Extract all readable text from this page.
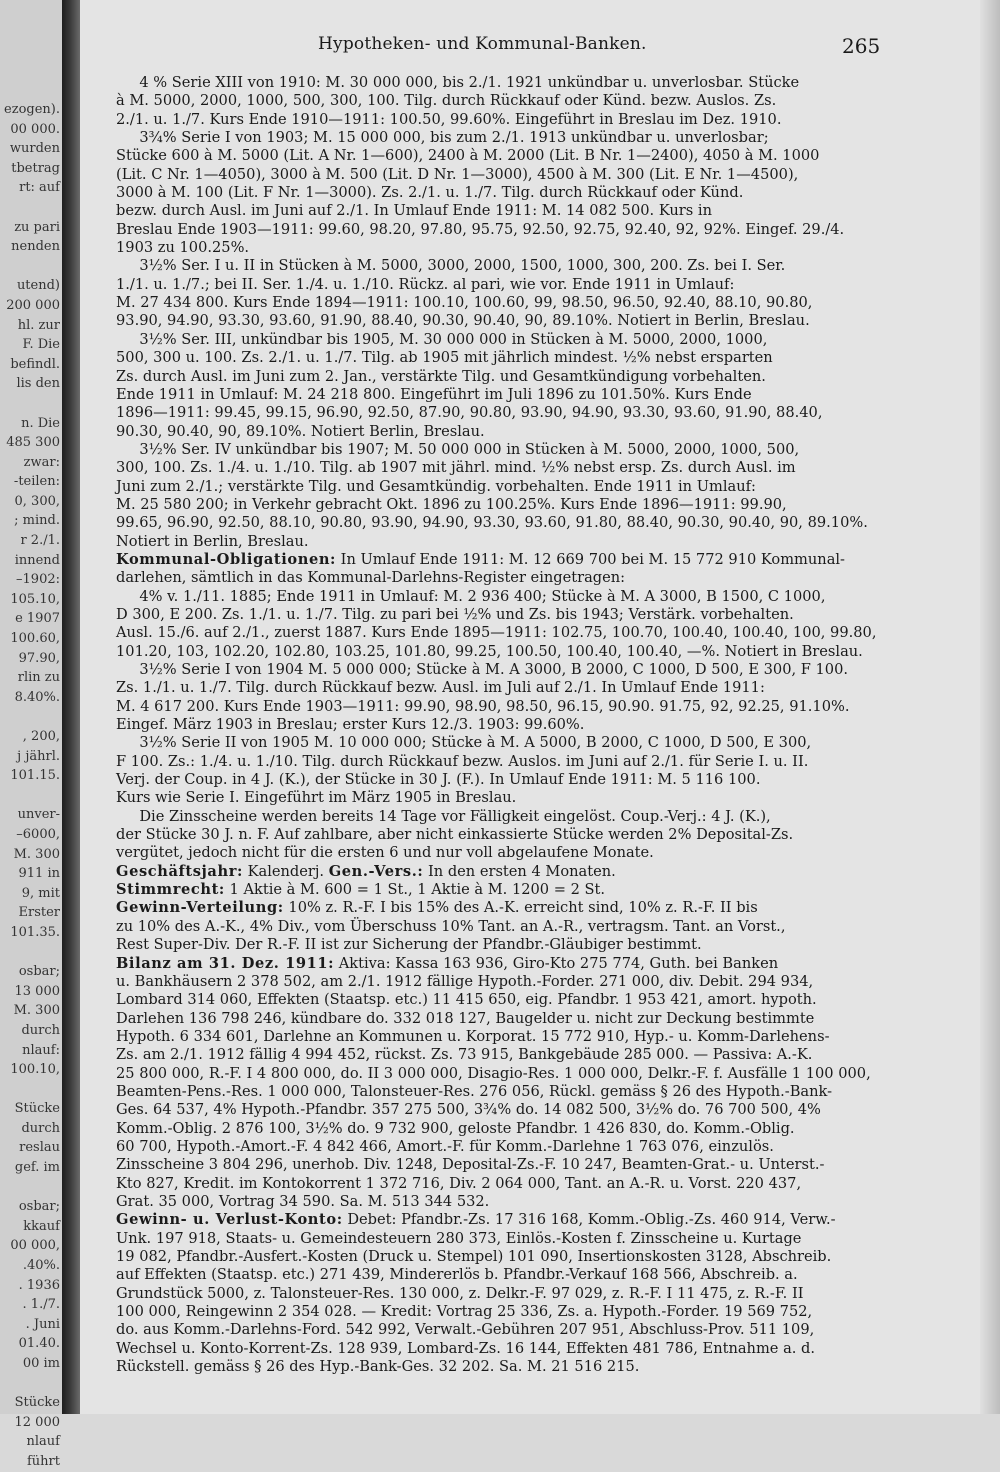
ezogen).
00 000.
wurden
tbetrag
rt: auf

zu pari
nenden

utend)
200 000
hl. zur
F. Die
befindl.
lis den

n. Die
485 300
zwar:
-teilen:
0, 300,
; mind.
r 2./1.
innend
–1902:
105.10,
e 1907
100.60,
97.90,
rlin zu
8.40%.

, 200,
j jährl.
101.15.

unver-
–6000,
M. 300
911 in
9, mit
Erster
101.35.

osbar;
13 000
M. 300
durch
nlauf:
100.10,

Stücke
durch
reslau
gef. im

osbar;
kkauf
00 000,
.40%.
. 1936
. 1./7.
. Juni
01.40.
00 im

Stücke
12 000
nlauf
führt
Hypotheken- und Kommunal-Banken.	265
4 % Serie XIII von 1910: M. 30 000 000, bis 2./1. 1921 unkündbar u. unverlosbar. Stücke
à M. 5000, 2000, 1000, 500, 300, 100. Tilg. durch Rückkauf oder Künd. bezw. Auslos. Zs.
2./1. u. 1./7. Kurs Ende 1910—1911: 100.50, 99.60%. Eingeführt in Breslau im Dez. 1910.
3¾% Serie I von 1903; M. 15 000 000, bis zum 2./1. 1913 unkündbar u. unverlosbar;
Stücke 600 à M. 5000 (Lit. A Nr. 1—600), 2400 à M. 2000 (Lit. B Nr. 1—2400), 4050 à M. 1000
(Lit. C Nr. 1—4050), 3000 à M. 500 (Lit. D Nr. 1—3000), 4500 à M. 300 (Lit. E Nr. 1—4500),
3000 à M. 100 (Lit. F Nr. 1—3000). Zs. 2./1. u. 1./7. Tilg. durch Rückkauf oder Künd.
bezw. durch Ausl. im Juni auf 2./1. In Umlauf Ende 1911: M. 14 082 500. Kurs in
Breslau Ende 1903—1911: 99.60, 98.20, 97.80, 95.75, 92.50, 92.75, 92.40, 92, 92%. Eingef. 29./4.
1903 zu 100.25%.
3½% Ser. I u. II in Stücken à M. 5000, 3000, 2000, 1500, 1000, 300, 200. Zs. bei I. Ser.
1./1. u. 1./7.; bei II. Ser. 1./4. u. 1./10. Rückz. al pari, wie vor. Ende 1911 in Umlauf:
M. 27 434 800. Kurs Ende 1894—1911: 100.10, 100.60, 99, 98.50, 96.50, 92.40, 88.10, 90.80,
93.90, 94.90, 93.30, 93.60, 91.90, 88.40, 90.30, 90.40, 90, 89.10%. Notiert in Berlin, Breslau.
3½% Ser. III, unkündbar bis 1905, M. 30 000 000 in Stücken à M. 5000, 2000, 1000,
500, 300 u. 100. Zs. 2./1. u. 1./7. Tilg. ab 1905 mit jährlich mindest. ½% nebst ersparten
Zs. durch Ausl. im Juni zum 2. Jan., verstärkte Tilg. und Gesamtkündigung vorbehalten.
Ende 1911 in Umlauf: M. 24 218 800. Eingeführt im Juli 1896 zu 101.50%. Kurs Ende
1896—1911: 99.45, 99.15, 96.90, 92.50, 87.90, 90.80, 93.90, 94.90, 93.30, 93.60, 91.90, 88.40,
90.30, 90.40, 90, 89.10%. Notiert Berlin, Breslau.
3½% Ser. IV unkündbar bis 1907; M. 50 000 000 in Stücken à M. 5000, 2000, 1000, 500,
300, 100. Zs. 1./4. u. 1./10. Tilg. ab 1907 mit jährl. mind. ½% nebst ersp. Zs. durch Ausl. im
Juni zum 2./1.; verstärkte Tilg. und Gesamtkündig. vorbehalten. Ende 1911 in Umlauf:
M. 25 580 200; in Verkehr gebracht Okt. 1896 zu 100.25%. Kurs Ende 1896—1911: 99.90,
99.65, 96.90, 92.50, 88.10, 90.80, 93.90, 94.90, 93.30, 93.60, 91.80, 88.40, 90.30, 90.40, 90, 89.10%.
Notiert in Berlin, Breslau.
Kommunal-Obligationen: In Umlauf Ende 1911: M. 12 669 700 bei M. 15 772 910 Kommunal-
darlehen, sämtlich in das Kommunal-Darlehns-Register eingetragen:
4% v. 1./11. 1885; Ende 1911 in Umlauf: M. 2 936 400; Stücke à M. A 3000, B 1500, C 1000,
D 300, E 200. Zs. 1./1. u. 1./7. Tilg. zu pari bei ½% und Zs. bis 1943; Verstärk. vorbehalten.
Ausl. 15./6. auf 2./1., zuerst 1887. Kurs Ende 1895—1911: 102.75, 100.70, 100.40, 100.40, 100, 99.80,
101.20, 103, 102.20, 102.80, 103.25, 101.80, 99.25, 100.50, 100.40, 100.40, —%. Notiert in Breslau.
3½% Serie I von 1904 M. 5 000 000; Stücke à M. A 3000, B 2000, C 1000, D 500, E 300, F 100.
Zs. 1./1. u. 1./7. Tilg. durch Rückkauf bezw. Ausl. im Juli auf 2./1. In Umlauf Ende 1911:
M. 4 617 200. Kurs Ende 1903—1911: 99.90, 98.90, 98.50, 96.15, 90.90. 91.75, 92, 92.25, 91.10%.
Eingef. März 1903 in Breslau; erster Kurs 12./3. 1903: 99.60%.
3½% Serie II von 1905 M. 10 000 000; Stücke à M. A 5000, B 2000, C 1000, D 500, E 300,
F 100. Zs.: 1./4. u. 1./10. Tilg. durch Rückkauf bezw. Auslos. im Juni auf 2./1. für Serie I. u. II.
Verj. der Coup. in 4 J. (K.), der Stücke in 30 J. (F.). In Umlauf Ende 1911: M. 5 116 100.
Kurs wie Serie I. Eingeführt im März 1905 in Breslau.
Die Zinsscheine werden bereits 14 Tage vor Fälligkeit eingelöst. Coup.-Verj.: 4 J. (K.),
der Stücke 30 J. n. F. Auf zahlbare, aber nicht einkassierte Stücke werden 2% Deposital-Zs.
vergütet, jedoch nicht für die ersten 6 und nur voll abgelaufene Monate.
Geschäftsjahr: Kalenderj. Gen.-Vers.: In den ersten 4 Monaten.
Stimmrecht: 1 Aktie à M. 600 = 1 St., 1 Aktie à M. 1200 = 2 St.
Gewinn-Verteilung: 10% z. R.-F. I bis 15% des A.-K. erreicht sind, 10% z. R.-F. II bis
zu 10% des A.-K., 4% Div., vom Überschuss 10% Tant. an A.-R., vertragsm. Tant. an Vorst.,
Rest Super-Div. Der R.-F. II ist zur Sicherung der Pfandbr.-Gläubiger bestimmt.
Bilanz am 31. Dez. 1911: Aktiva: Kassa 163 936, Giro-Kto 275 774, Guth. bei Banken
u. Bankhäusern 2 378 502, am 2./1. 1912 fällige Hypoth.-Forder. 271 000, div. Debit. 294 934,
Lombard 314 060, Effekten (Staatsp. etc.) 11 415 650, eig. Pfandbr. 1 953 421, amort. hypoth.
Darlehen 136 798 246, kündbare do. 332 018 127, Baugelder u. nicht zur Deckung bestimmte
Hypoth. 6 334 601, Darlehne an Kommunen u. Korporat. 15 772 910, Hyp.- u. Komm-Darlehens-
Zs. am 2./1. 1912 fällig 4 994 452, rückst. Zs. 73 915, Bankgebäude 285 000. — Passiva: A.-K.
25 800 000, R.-F. I 4 800 000, do. II 3 000 000, Disagio-Res. 1 000 000, Delkr.-F. f. Ausfälle 1 100 000,
Beamten-Pens.-Res. 1 000 000, Talonsteuer-Res. 276 056, Rückl. gemäss § 26 des Hypoth.-Bank-
Ges. 64 537, 4% Hypoth.-Pfandbr. 357 275 500, 3¾% do. 14 082 500, 3½% do. 76 700 500, 4%
Komm.-Oblig. 2 876 100, 3½% do. 9 732 900, geloste Pfandbr. 1 426 830, do. Komm.-Oblig.
60 700, Hypoth.-Amort.-F. 4 842 466, Amort.-F. für Komm.-Darlehne 1 763 076, einzulös.
Zinsscheine 3 804 296, unerhob. Div. 1248, Deposital-Zs.-F. 10 247, Beamten-Grat.- u. Unterst.-
Kto 827, Kredit. im Kontokorrent 1 372 716, Div. 2 064 000, Tant. an A.-R. u. Vorst. 220 437,
Grat. 35 000, Vortrag 34 590. Sa. M. 513 344 532.
Gewinn- u. Verlust-Konto: Debet: Pfandbr.-Zs. 17 316 168, Komm.-Oblig.-Zs. 460 914, Verw.-
Unk. 197 918, Staats- u. Gemeindesteuern 280 373, Einlös.-Kosten f. Zinsscheine u. Kurtage
19 082, Pfandbr.-Ausfert.-Kosten (Druck u. Stempel) 101 090, Insertionskosten 3128, Abschreib.
auf Effekten (Staatsp. etc.) 271 439, Mindererlös b. Pfandbr.-Verkauf 168 566, Abschreib. a.
Grundstück 5000, z. Talonsteuer-Res. 130 000, z. Delkr.-F. 97 029, z. R.-F. I 11 475, z. R.-F. II
100 000, Reingewinn 2 354 028. — Kredit: Vortrag 25 336, Zs. a. Hypoth.-Forder. 19 569 752,
do. aus Komm.-Darlehns-Ford. 542 992, Verwalt.-Gebühren 207 951, Abschluss-Prov. 511 109,
Wechsel u. Konto-Korrent-Zs. 128 939, Lombard-Zs. 16 144, Effekten 481 786, Entnahme a. d.
Rückstell. gemäss § 26 des Hyp.-Bank-Ges. 32 202. Sa. M. 21 516 215.
